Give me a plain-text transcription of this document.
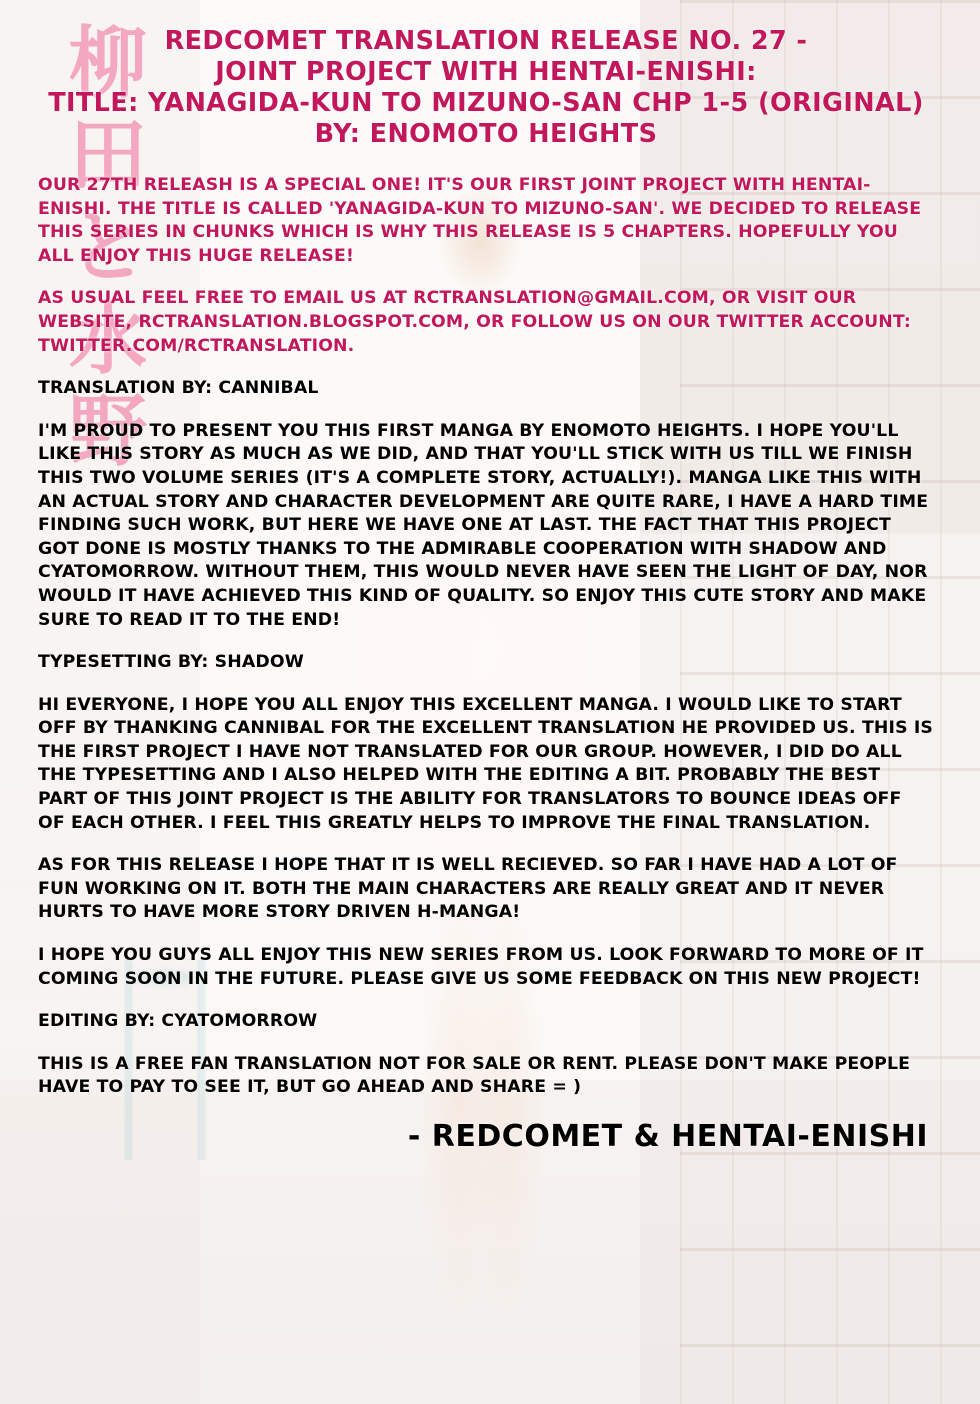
柳田と水野
REDCOMET TRANSLATION RELEASE NO. 27 -
JOINT PROJECT WITH HENTAI-ENISHI:
TITLE: YANAGIDA-KUN TO MIZUNO-SAN CHP 1-5 (ORIGINAL)
BY: ENOMOTO HEIGHTS

OUR 27TH RELEASH IS A SPECIAL ONE! IT'S OUR FIRST JOINT PROJECT WITH HENTAI-ENISHI. THE TITLE IS CALLED 'YANAGIDA-KUN TO MIZUNO-SAN'. WE DECIDED TO RELEASE THIS SERIES IN CHUNKS WHICH IS WHY THIS RELEASE IS 5 CHAPTERS. HOPEFULLY YOU ALL ENJOY THIS HUGE RELEASE!

AS USUAL FEEL FREE TO EMAIL US AT RCTRANSLATION@GMAIL.COM, OR VISIT OUR WEBSITE, RCTRANSLATION.BLOGSPOT.COM, OR FOLLOW US ON OUR TWITTER ACCOUNT: TWITTER.COM/RCTRANSLATION.

TRANSLATION BY: CANNIBAL

I'M PROUD TO PRESENT YOU THIS FIRST MANGA BY ENOMOTO HEIGHTS. I HOPE YOU'LL LIKE THIS STORY AS MUCH AS WE DID, AND THAT YOU'LL STICK WITH US TILL WE FINISH THIS TWO VOLUME SERIES (IT'S A COMPLETE STORY, ACTUALLY!). MANGA LIKE THIS WITH AN ACTUAL STORY AND CHARACTER DEVELOPMENT ARE QUITE RARE, I HAVE A HARD TIME FINDING SUCH WORK, BUT HERE WE HAVE ONE AT LAST. THE FACT THAT THIS PROJECT GOT DONE IS MOSTLY THANKS TO THE ADMIRABLE COOPERATION WITH SHADOW AND CYATOMORROW. WITHOUT THEM, THIS WOULD NEVER HAVE SEEN THE LIGHT OF DAY, NOR WOULD IT HAVE ACHIEVED THIS KIND OF QUALITY. SO ENJOY THIS CUTE STORY AND MAKE SURE TO READ IT TO THE END!

TYPESETTING BY: SHADOW

HI EVERYONE, I HOPE YOU ALL ENJOY THIS EXCELLENT MANGA. I WOULD LIKE TO START OFF BY THANKING CANNIBAL FOR THE EXCELLENT TRANSLATION HE PROVIDED US. THIS IS THE FIRST PROJECT I HAVE NOT TRANSLATED FOR OUR GROUP. HOWEVER, I DID DO ALL THE TYPESETTING AND I ALSO HELPED WITH THE EDITING A BIT. PROBABLY THE BEST PART OF THIS JOINT PROJECT IS THE ABILITY FOR TRANSLATORS TO BOUNCE IDEAS OFF OF EACH OTHER. I FEEL THIS GREATLY HELPS TO IMPROVE THE FINAL TRANSLATION.

AS FOR THIS RELEASE I HOPE THAT IT IS WELL RECIEVED. SO FAR I HAVE HAD A LOT OF FUN WORKING ON IT. BOTH THE MAIN CHARACTERS ARE REALLY GREAT AND IT NEVER HURTS TO HAVE MORE STORY DRIVEN H-MANGA!

I HOPE YOU GUYS ALL ENJOY THIS NEW SERIES FROM US. LOOK FORWARD TO MORE OF IT COMING SOON IN THE FUTURE. PLEASE GIVE US SOME FEEDBACK ON THIS NEW PROJECT!

EDITING BY: CYATOMORROW

THIS IS A FREE FAN TRANSLATION NOT FOR SALE OR RENT. PLEASE DON'T MAKE PEOPLE HAVE TO PAY TO SEE IT, BUT GO AHEAD AND SHARE = )

- REDCOMET & HENTAI-ENISHI
